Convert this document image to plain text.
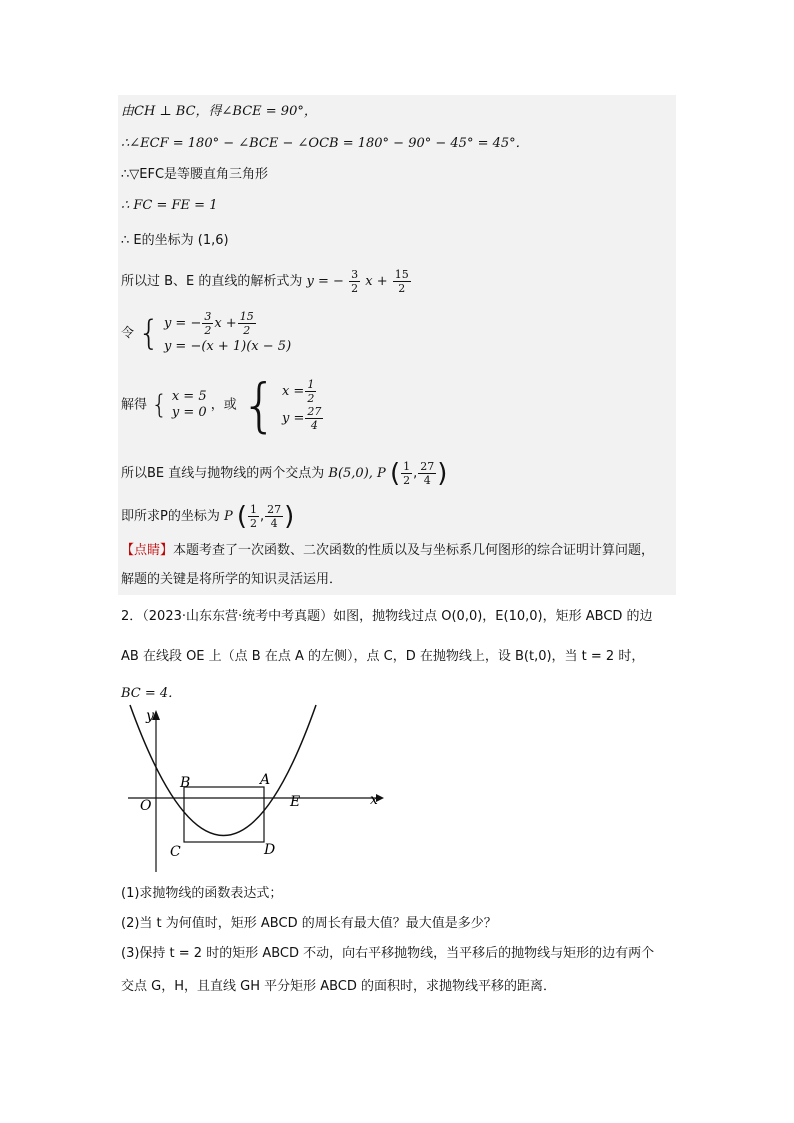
由CH ⊥ BC，得∠BCE = 90°，
∴∠ECF = 180° − ∠BCE − ∠OCB = 180° − 90° − 45° = 45°．
∴▽EFC是等腰直角三角形
∴ FC = FE = 1
∴ E的坐标为 (1,6)
所以过 B、E 的直线的解析式为 y = − $\frac{3}{2}$ $x + \frac{15}{2}$
令 { y = − $\frac{3}{2}$ $x + \frac{15}{2}$
y = −(x + 1)(x − 5)
解得 { x = 5
y = 0 ，或 { $x = \frac{1}{2}$
$y = \frac{27}{4}$
所以BE 直线与抛物线的两个交点为 B(5,0), P ( $\frac{1}{2}$ , $\frac{27}{4}$ )
即所求P的坐标为 P ( $\frac{1}{2}$ , $\frac{27}{4}$ )
【点睛】本题考查了一次函数、二次函数的性质以及与坐标系几何图形的综合证明计算问题，
解题的关键是将所学的知识灵活运用．
2．（2023·山东东营·统考中考真题）如图，抛物线过点 O(0,0)，E(10,0)，矩形 ABCD 的边
AB 在线段 OE 上（点 B 在点 A 的左侧），点 C，D 在抛物线上，设 B(t,0)，当 t = 2 时，
BC = 4．
y
x
O
B	A
E
C	D
(1)求抛物线的函数表达式；
(2)当 t 为何值时，矩形 ABCD 的周长有最大值？最大值是多少？
(3)保持 t = 2 时的矩形 ABCD 不动，向右平移抛物线，当平移后的抛物线与矩形的边有两个
交点 G，H，且直线 GH 平分矩形 ABCD 的面积时，求抛物线平移的距离．
